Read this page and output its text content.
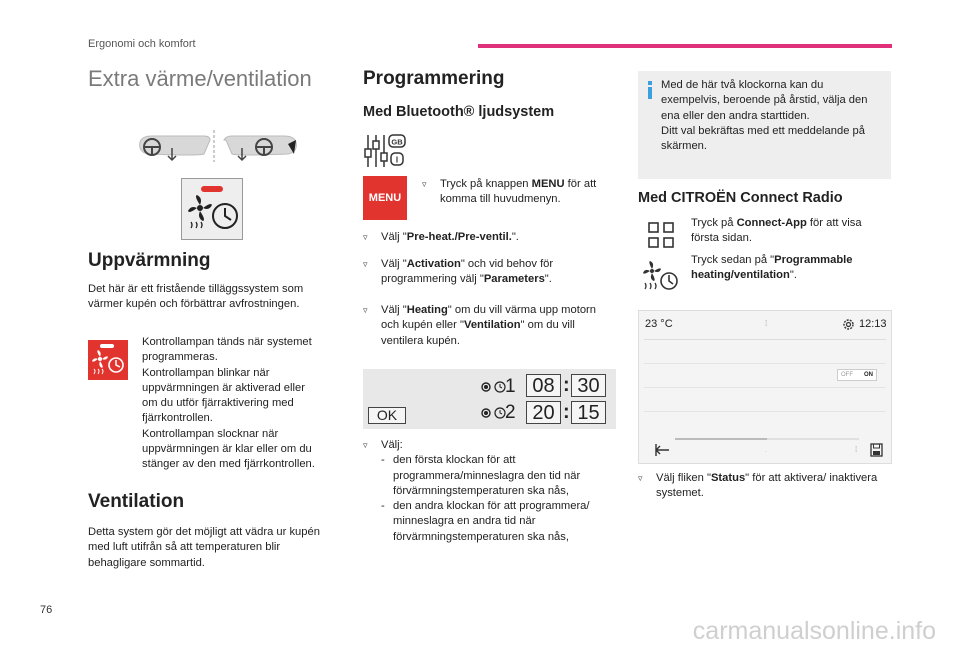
Ergonomi och komfort
Extra värme/ventilation
Uppvärmning

Det här är ett fristående tilläggssystem som värmer kupén och förbättrar avfrostningen.

Kontrollampan tänds när systemet

programmeras.

Kontrollampan blinkar när

uppvärmningen är aktiverad eller

om du utför fjärraktivering med

fjärrkontrollen.

Kontrollampan slocknar när

uppvärmningen är klar eller om du

stänger av den med fjärrkontrollen.

Ventilation

Detta system gör det möjligt att vädra ur kupén med luft utifrån så att temperaturen blir behagligare sommartid.

Programmering
Med Bluetooth® ljudsystem
GB
I
MENU
▿	Tryck på knappen MENU för att komma till huvudmenyn.
▿	Välj "Pre-heat./Pre-ventil.".
▿	Välj "Activation" och vid behov för programmering välj "Parameters".
▿	Välj "Heating" om du vill värma upp motorn och kupén eller "Ventilation" om du vill ventilera kupén.
OK
1 08 : 30
2 20 : 15
▿	Välj:
- den första klockan för att programmera/minneslagra den tid när förvärmningstemperaturen ska nås,
- den andra klockan för att programmera/ minneslagra en andra tid när förvärmningstemperaturen ska nås,

Med de här två klockorna kan du

exempelvis, beroende på årstid, välja den

ena eller den andra starttiden.

Ditt val bekräftas med ett meddelande på

skärmen.

Med CITROËN Connect Radio
Tryck på Connect-App för att visa första sidan.
Tryck sedan på "Programmable heating/ventilation".
23 °C	⁞	12:13
OFF ON
·	⁞
▿	Välj fliken "Status" för att aktivera/ inaktivera systemet.
76
carmanualsonline.info
